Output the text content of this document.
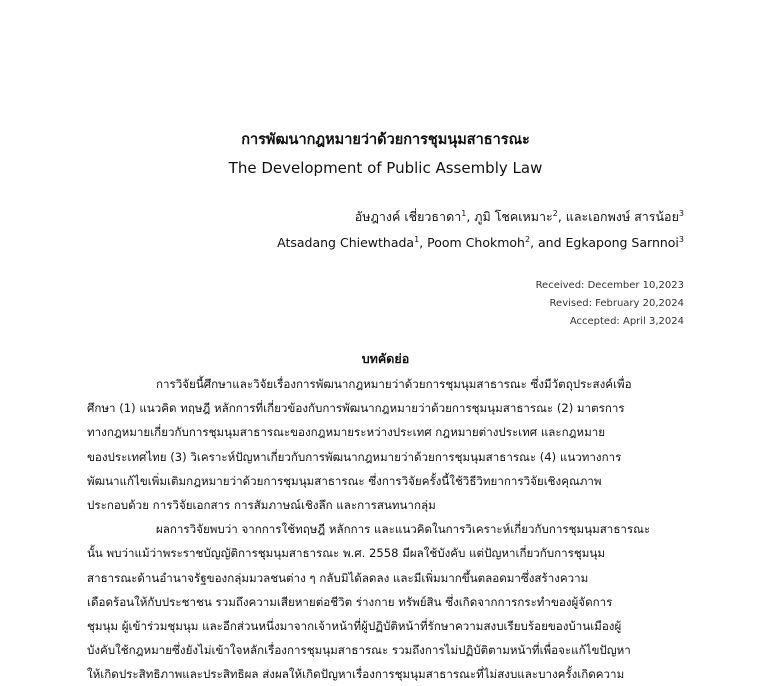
การพัฒนากฎหมายว่าด้วยการชุมนุมสาธารณะ
The Development of Public Assembly Law
อัษฎางค์ เชี่ยวธาดา$^1$, ภูมิ โชคเหมาะ$^2$, และเอกพงษ์ สารน้อย$^3$
Atsadang Chiewthada$^1$, Poom Chokmoh$^2$, and Egkapong Sarnnoi$^3$
Received: December 10,2023
Revised: February 20,2024
Accepted: April 3,2024
บทคัดย่อ
การวิจัยนี้ศึกษาและวิจัยเรื่องการพัฒนากฎหมายว่าด้วยการชุมนุมสาธารณะ ซึ่งมีวัตถุประสงค์เพื่อ
ศึกษา (1) แนวคิด ทฤษฎี หลักการที่เกี่ยวข้องกับการพัฒนากฎหมายว่าด้วยการชุมนุมสาธารณะ (2) มาตรการ
ทางกฎหมายเกี่ยวกับการชุมนุมสาธารณะของกฎหมายระหว่างประเทศ กฎหมายต่างประเทศ และกฎหมาย
ของประเทศไทย (3) วิเคราะห์ปัญหาเกี่ยวกับการพัฒนากฎหมายว่าด้วยการชุมนุมสาธารณะ (4) แนวทางการ
พัฒนาแก้ไขเพิ่มเติมกฎหมายว่าด้วยการชุมนุมสาธารณะ ซึ่งการวิจัยครั้งนี้ใช้วิธีวิทยาการวิจัยเชิงคุณภาพ
ประกอบด้วย การวิจัยเอกสาร การสัมภาษณ์เชิงลึก และการสนทนากลุ่ม
ผลการวิจัยพบว่า จากการใช้ทฤษฎี หลักการ และแนวคิดในการวิเคราะห์เกี่ยวกับการชุมนุมสาธารณะ
นั้น พบว่าแม้ว่าพระราชบัญญัติการชุมนุมสาธารณะ พ.ศ. 2558 มีผลใช้บังคับ แต่ปัญหาเกี่ยวกับการชุมนุม
สาธารณะด้านอำนาจรัฐของกลุ่มมวลชนต่าง ๆ กลับมิได้ลดลง และมีเพิ่มมากขึ้นตลอดมาซึ่งสร้างความ
เดือดร้อนให้กับประชาชน รวมถึงความเสียหายต่อชีวิต ร่างกาย ทรัพย์สิน ซึ่งเกิดจากการกระทำของผู้จัดการ
ชุมนุม ผู้เข้าร่วมชุมนุม และอีกส่วนหนึ่งมาจากเจ้าหน้าที่ผู้ปฏิบัติหน้าที่รักษาความสงบเรียบร้อยของบ้านเมืองผู้
บังคับใช้กฎหมายซึ่งยังไม่เข้าใจหลักเรื่องการชุมนุมสาธารณะ รวมถึงการไม่ปฏิบัติตามหน้าที่เพื่อจะแก้ไขปัญหา
ให้เกิดประสิทธิภาพและประสิทธิผล ส่งผลให้เกิดปัญหาเรื่องการชุมนุมสาธารณะที่ไม่สงบและบางครั้งเกิดความ
